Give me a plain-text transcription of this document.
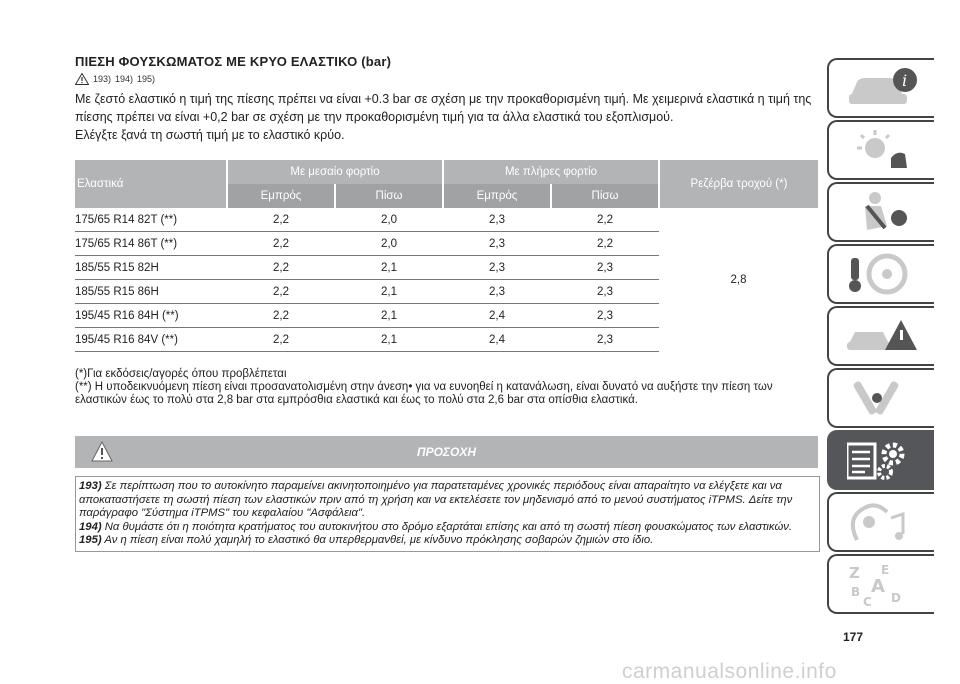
ΠΙΕΣΗ ΦΟΥΣΚΩΜΑΤΟΣ ΜΕ ΚΡΥΟ ΕΛΑΣΤΙΚΟ (bar)
193) 194) 195)

Με ζεστό ελαστικό η τιμή της πίεσης πρέπει να είναι +0.3 bar σε σχέση με την προκαθορισμένη τιμή. Με χειμερινά ελαστικά η τιμή της πίεσης πρέπει να είναι +0,2 bar σε σχέση με την προκαθορισμένη τιμή για τα άλλα ελαστικά του εξοπλισμού.

Ελέγξτε ξανά τη σωστή τιμή με το ελαστικό κρύο.

Ελαστικά	Με μεσαίο φορτίο		Με πλήρες φορτίο		Ρεζέρβα τροχού (*)
	Εμπρός	Πίσω	Εμπρός	Πίσω	
175/65 R14 82T (**)	2,2	2,0	2,3	2,2	2,8
175/65 R14 86T (**)	2,2	2,0	2,3	2,2	
185/55 R15 82H	2,2	2,1	2,3	2,3	
185/55 R15 86H	2,2	2,1	2,3	2,3	
195/45 R16 84H (**)	2,2	2,1	2,4	2,3	
195/45 R16 84V (**)	2,2	2,1	2,4	2,3	

(*)Για εκδόσεις/αγορές όπου προβλέπεται

(**) Η υποδεικνυόμενη πίεση είναι προσανατολισμένη στην άνεση• για να ευνοηθεί η κατανάλωση, είναι δυνατό να αυξήστε την πίεση των ελαστικών έως το πολύ στα 2,8 bar στα εμπρόσθια ελαστικά και έως το πολύ στα 2,6 bar στα οπίσθια ελαστικά.

ΠΡΟΣΟΧΗ

193) Σε περίπτωση που το αυτοκίνητο παραμείνει ακινητοποιημένο για παρατεταμένες χρονικές περιόδους είναι απαραίτητο να ελέγξετε και να αποκαταστήσετε τη σωστή πίεση των ελαστικών πριν από τη χρήση και να εκτελέσετε τον μηδενισμό από το μενού συστήματος iTPMS. Δείτε την παράγραφο "Σύστημα iTPMS" του κεφαλαίου "Ασφάλεια".

194) Να θυμάστε ότι η ποιότητα κρατήματος του αυτοκινήτου στο δρόμο εξαρτάται επίσης και από τη σωστή πίεση φουσκώματος των ελαστικών.

195) Αν η πίεση είναι πολύ χαμηλή το ελαστικό θα υπερθερμανθεί, με κίνδυνο πρόκλησης σοβαρών ζημιών στο ίδιο.

i
Z E
A
B
C D
177
carmanualsonline.info
